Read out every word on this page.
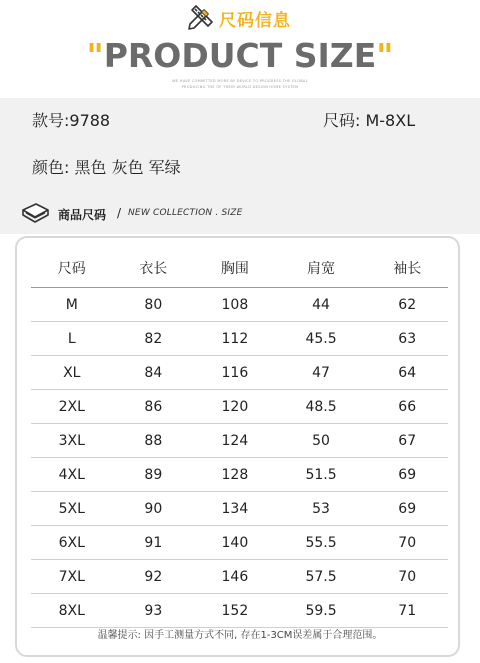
尺码信息
"PRODUCT SIZE"
WE HAVE COMMITTED MORE BY DEVICE TO PROGRESS THE GLOBAL
PRODUCING THE OF THEIR WORLD DESIGN HOME SYSTEM
款号:9788	尺码: M-8XL
颜色: 黑色 灰色 军绿
商品尺码 / NEW COLLECTION . SIZE
尺码	衣长	胸围	肩宽	袖长
M	80	108	44	62
L	82	112	45.5	63
XL	84	116	47	64
2XL	86	120	48.5	66
3XL	88	124	50	67
4XL	89	128	51.5	69
5XL	90	134	53	69
6XL	91	140	55.5	70
7XL	92	146	57.5	70
8XL	93	152	59.5	71
温馨提示: 因手工测量方式不同, 存在1-3CM误差属于合理范围。
